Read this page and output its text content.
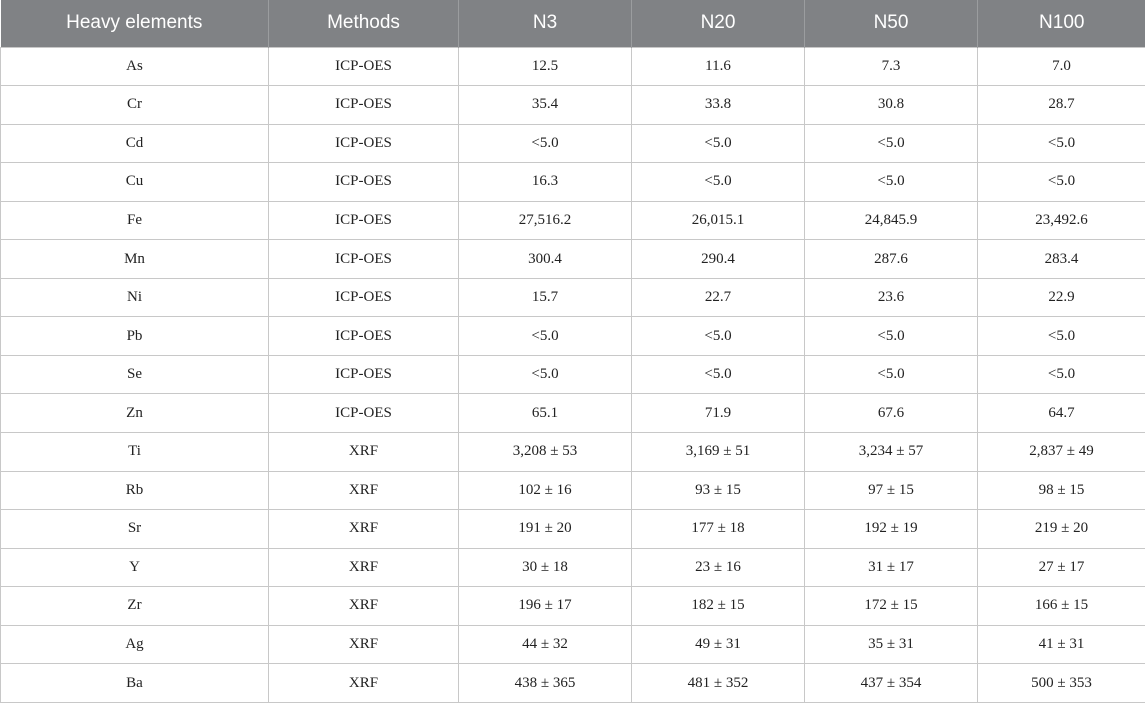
Heavy elements	Methods	N3	N20	N50	N100
As	ICP-OES	12.5	11.6	7.3	7.0
Cr	ICP-OES	35.4	33.8	30.8	28.7
Cd	ICP-OES	<5.0	<5.0	<5.0	<5.0
Cu	ICP-OES	16.3	<5.0	<5.0	<5.0
Fe	ICP-OES	27,516.2	26,015.1	24,845.9	23,492.6
Mn	ICP-OES	300.4	290.4	287.6	283.4
Ni	ICP-OES	15.7	22.7	23.6	22.9
Pb	ICP-OES	<5.0	<5.0	<5.0	<5.0
Se	ICP-OES	<5.0	<5.0	<5.0	<5.0
Zn	ICP-OES	65.1	71.9	67.6	64.7
Ti	XRF	3,208 ± 53	3,169 ± 51	3,234 ± 57	2,837 ± 49
Rb	XRF	102 ± 16	93 ± 15	97 ± 15	98 ± 15
Sr	XRF	191 ± 20	177 ± 18	192 ± 19	219 ± 20
Y	XRF	30 ± 18	23 ± 16	31 ± 17	27 ± 17
Zr	XRF	196 ± 17	182 ± 15	172 ± 15	166 ± 15
Ag	XRF	44 ± 32	49 ± 31	35 ± 31	41 ± 31
Ba	XRF	438 ± 365	481 ± 352	437 ± 354	500 ± 353
